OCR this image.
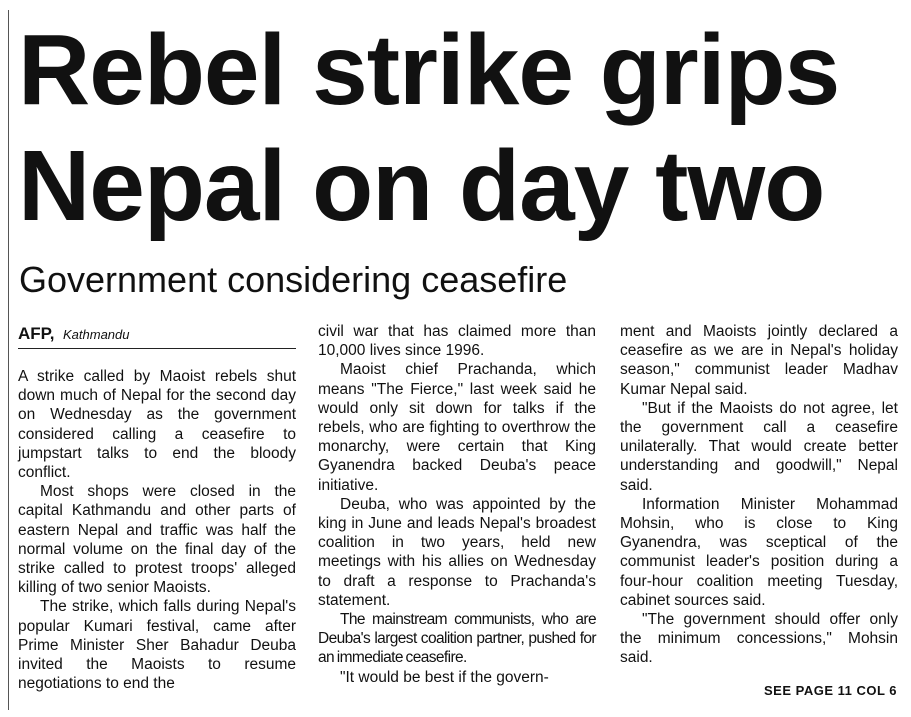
Rebel strike grips Nepal on day two
Government considering ceasefire
AFP, Kathmandu

A strike called by Maoist rebels shut down much of Nepal for the second day on Wednesday as the government considered calling a ceasefire to jumpstart talks to end the bloody conflict.

Most shops were closed in the capital Kathmandu and other parts of eastern Nepal and traffic was half the normal volume on the final day of the strike called to protest troops' alleged killing of two senior Maoists.

The strike, which falls during Nepal's popular Kumari festival, came after Prime Minister Sher Bahadur Deuba invited the Maoists to resume negotiations to end the

civil war that has claimed more than 10,000 lives since 1996.

Maoist chief Prachanda, which means "The Fierce," last week said he would only sit down for talks if the rebels, who are fighting to overthrow the monarchy, were certain that King Gyanendra backed Deuba's peace initiative.

Deuba, who was appointed by the king in June and leads Nepal's broadest coalition in two years, held new meetings with his allies on Wednesday to draft a response to Prachanda's statement.

The mainstream communists, who are Deuba's largest coalition partner, pushed for an immediate ceasefire.

"It would be best if the govern-

ment and Maoists jointly declared a ceasefire as we are in Nepal's holiday season," communist leader Madhav Kumar Nepal said.

"But if the Maoists do not agree, let the government call a ceasefire unilaterally. That would create better understanding and goodwill," Nepal said.

Information Minister Mohammad Mohsin, who is close to King Gyanendra, was sceptical of the communist leader's position during a four-hour coalition meeting Tuesday, cabinet sources said.

"The government should offer only the minimum concessions," Mohsin said.

SEE PAGE 11 COL 6
